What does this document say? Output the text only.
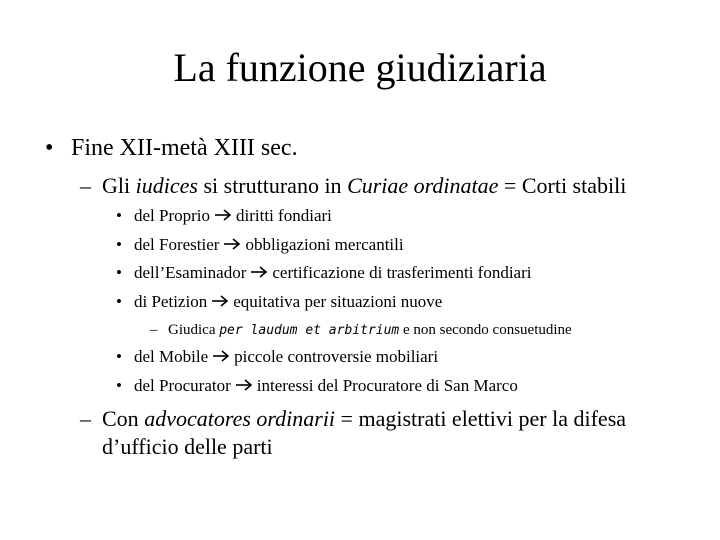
La funzione giudiziaria
• Fine XII-metà XIII sec.
– Gli iudices si strutturano in Curiae ordinatae = Corti stabili
• del Proprio diritti fondiari
• del Forestier obbligazioni mercantili
• dell’Esaminador certificazione di trasferimenti fondiari
• di Petizion equitativa per situazioni nuove
– Giudica per laudum et arbitrium e non secondo consuetudine
• del Mobile piccole controversie mobiliari
• del Procurator interessi del Procuratore di San Marco
– Con advocatores ordinarii = magistrati elettivi per la difesa
d’ufficio delle parti
